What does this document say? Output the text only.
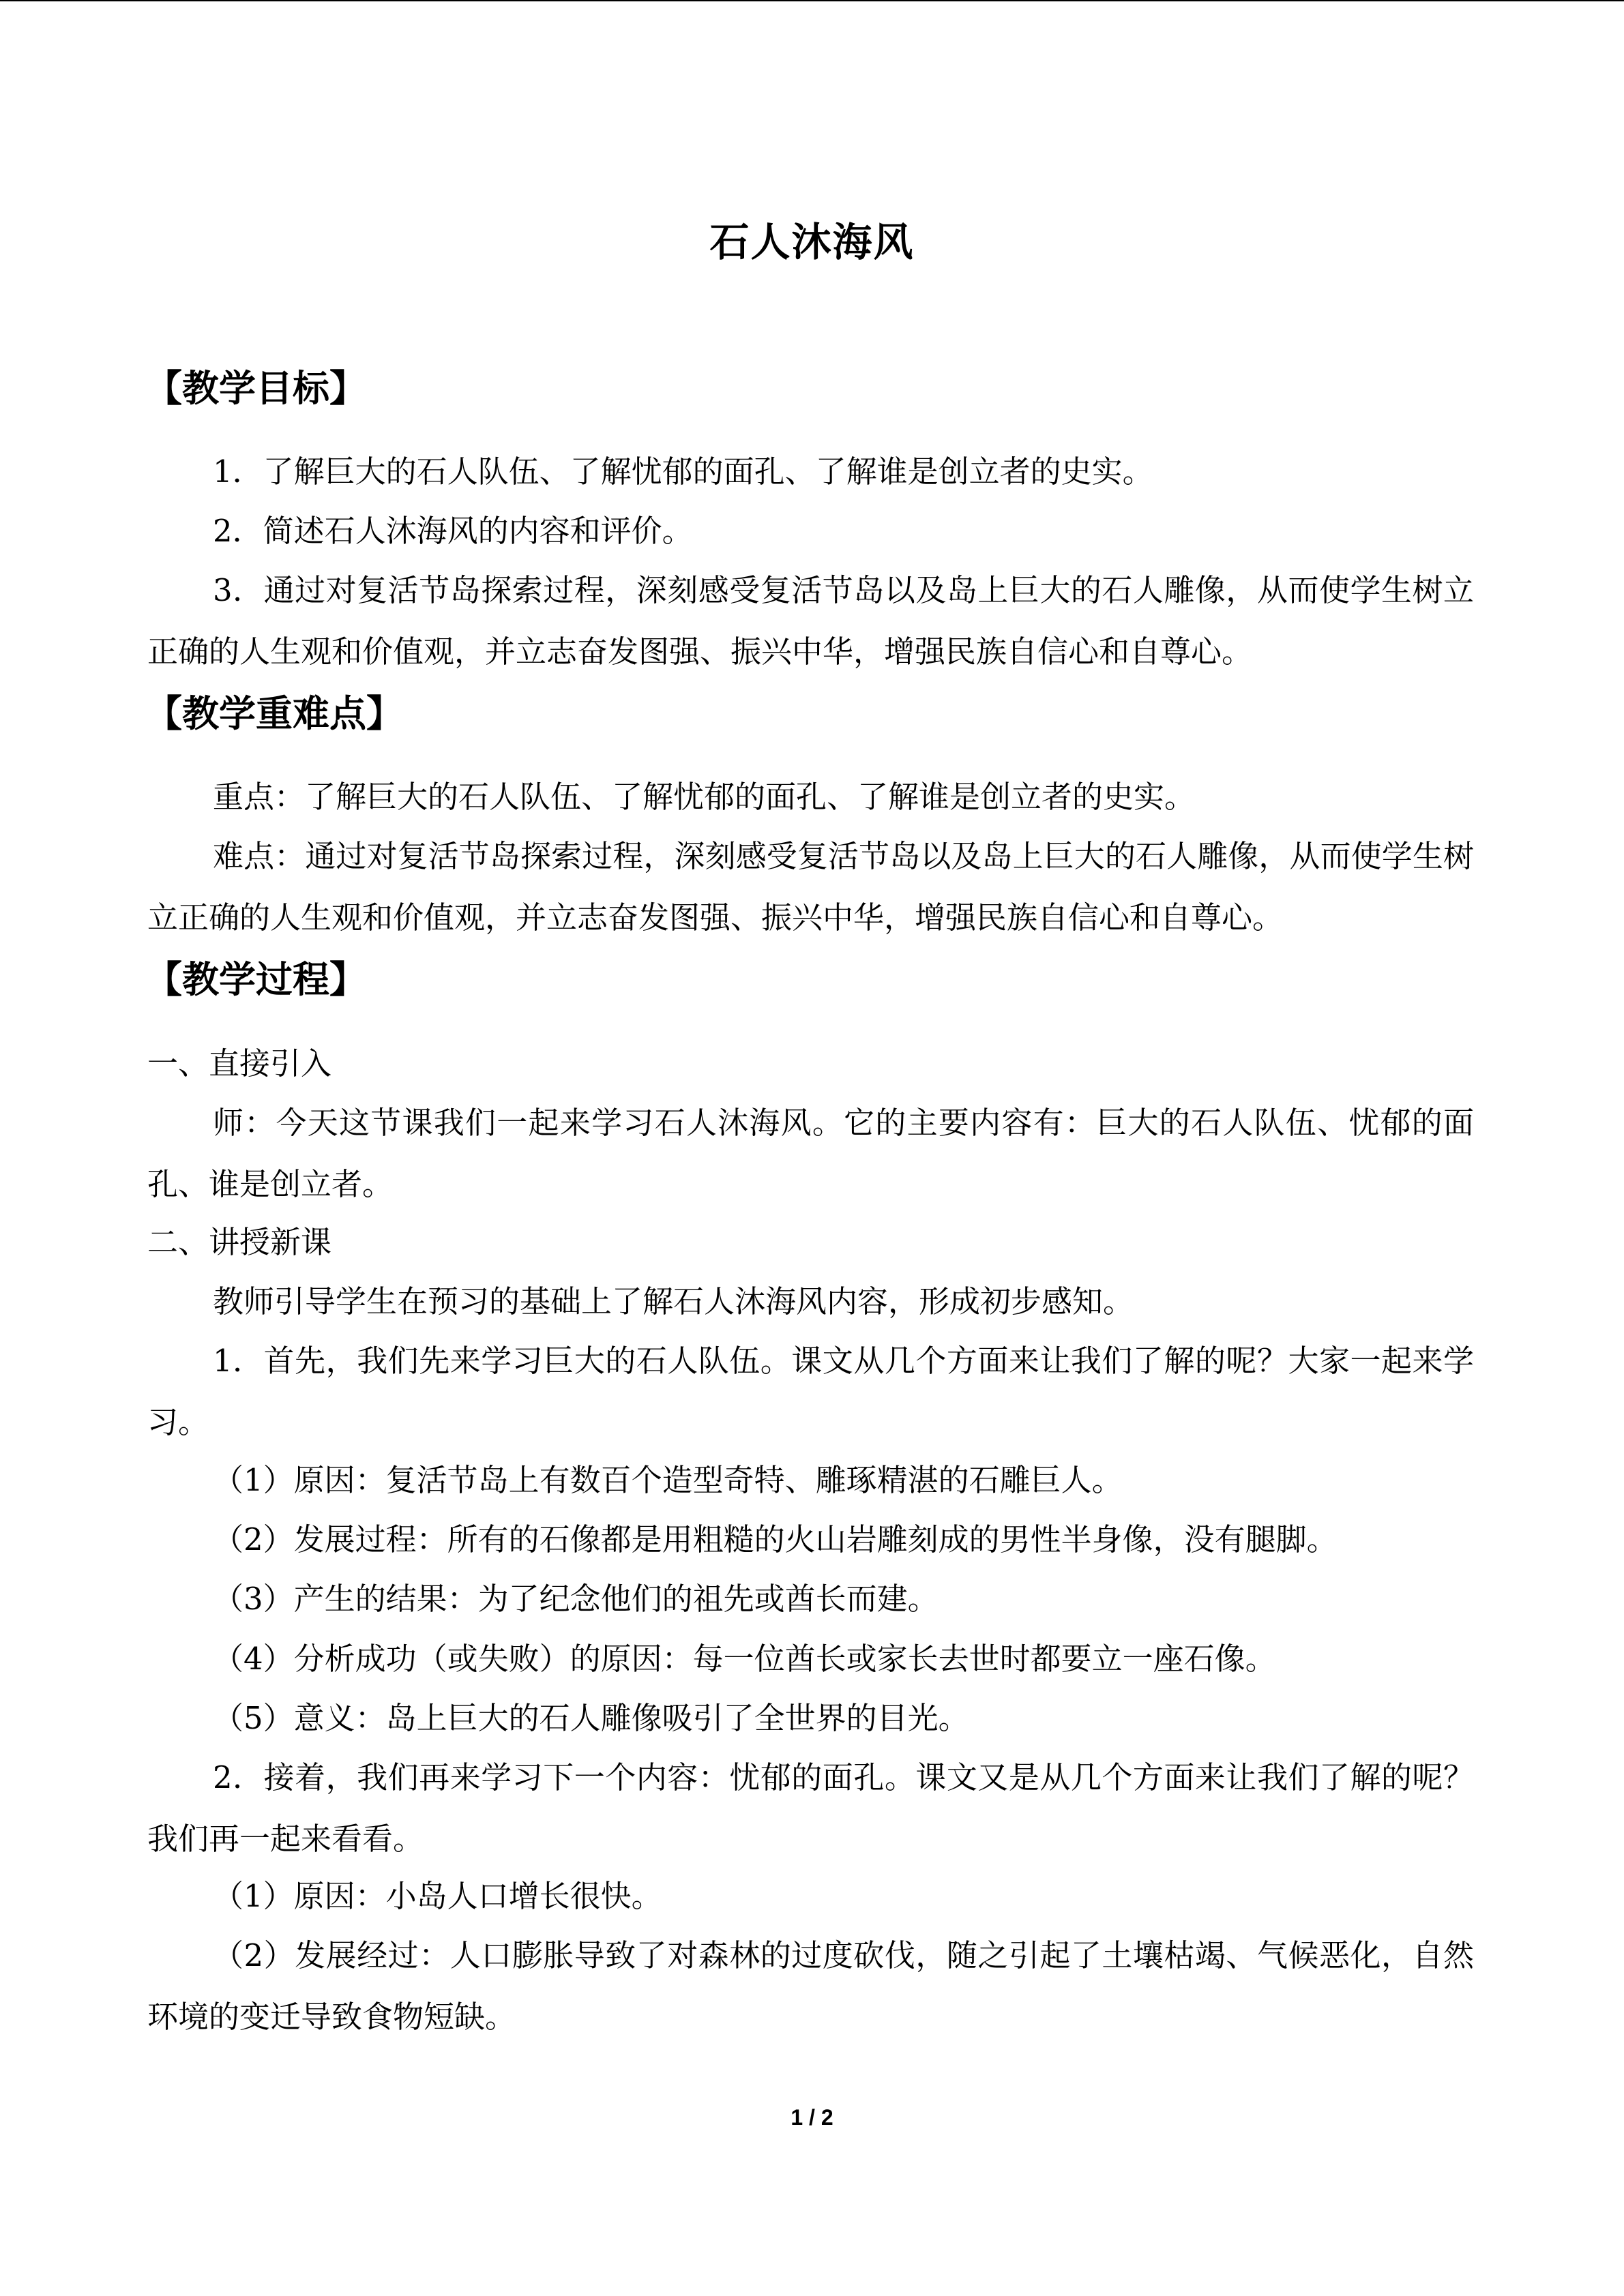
石人沐海风
【教学目标】

1．了解巨大的石人队伍、了解忧郁的面孔、了解谁是创立者的史实。

2．简述石人沐海风的内容和评价。

3．通过对复活节岛探索过程，深刻感受复活节岛以及岛上巨大的石人雕像，从而使学生树立正确的人生观和价值观，并立志奋发图强、振兴中华，增强民族自信心和自尊心。

【教学重难点】

重点：了解巨大的石人队伍、了解忧郁的面孔、了解谁是创立者的史实。

难点：通过对复活节岛探索过程，深刻感受复活节岛以及岛上巨大的石人雕像，从而使学生树立正确的人生观和价值观，并立志奋发图强、振兴中华，增强民族自信心和自尊心。

【教学过程】

一、直接引入

师：今天这节课我们一起来学习石人沐海风。它的主要内容有：巨大的石人队伍、忧郁的面孔、谁是创立者。

二、讲授新课

教师引导学生在预习的基础上了解石人沐海风内容，形成初步感知。

1．首先，我们先来学习巨大的石人队伍。课文从几个方面来让我们了解的呢？大家一起来学习。

（1）原因：复活节岛上有数百个造型奇特、雕琢精湛的石雕巨人。

（2）发展过程：所有的石像都是用粗糙的火山岩雕刻成的男性半身像，没有腿脚。

（3）产生的结果：为了纪念他们的祖先或酋长而建。

（4）分析成功（或失败）的原因：每一位酋长或家长去世时都要立一座石像。

（5）意义：岛上巨大的石人雕像吸引了全世界的目光。

2．接着，我们再来学习下一个内容：忧郁的面孔。课文又是从几个方面来让我们了解的呢？我们再一起来看看。

（1）原因：小岛人口增长很快。

（2）发展经过：人口膨胀导致了对森林的过度砍伐，随之引起了土壤枯竭、气候恶化，自然环境的变迁导致食物短缺。

1 / 2
